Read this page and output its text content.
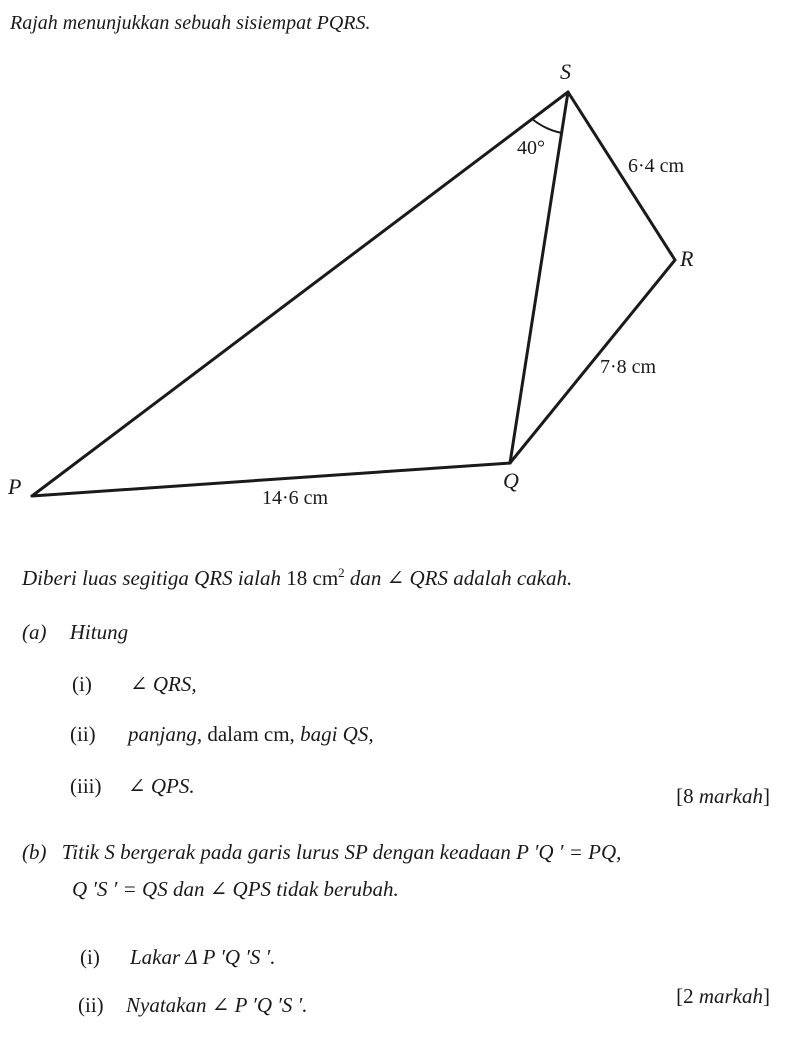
Rajah menunjukkan sebuah sisiempat PQRS.
S
R
Q
P
40°
6·4 cm
7·8 cm
14·6 cm
Diberi luas segitiga QRS ialah 18 $cm^2$ dan ∠ QRS adalah cakah.
(a) Hitung
(i) ∠ QRS,
(ii) panjang, dalam cm, bagi QS,
(iii) ∠ QPS.	[8 markah]
(b) Titik S bergerak pada garis lurus SP dengan keadaan P ′Q ′ = PQ,
Q ′S ′ = QS dan ∠ QPS tidak berubah.
(i) Lakar Δ P ′Q ′S ′.
(ii) Nyatakan ∠ P ′Q ′S ′.	[2 markah]
